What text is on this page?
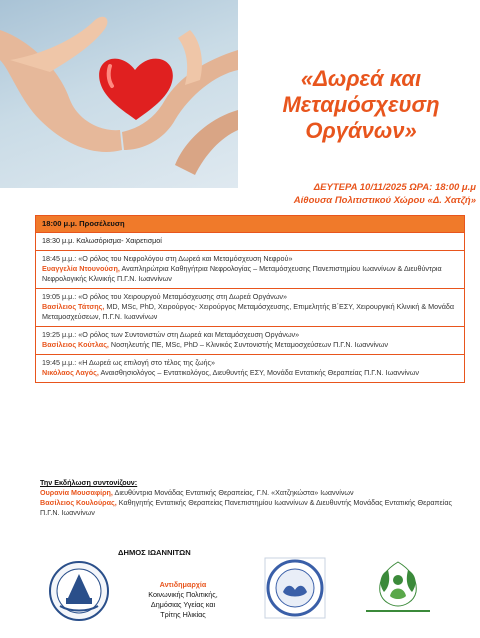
«Δωρεά και
Μεταμόσχευση
Οργάνων»
ΔΕΥΤΕΡΑ 10/11/2025 ΩΡΑ: 18:00 μ.μ
Αίθουσα Πολιτιστικού Χώρου «Δ. Χατζή»
18:00 μ.μ. Προσέλευση
18:30 μ.μ. Καλωσόρισμα- Χαιρετισμοί
18:45 μ.μ.: «Ο ρόλος του Νεφρολόγου στη Δωρεά και Μεταμόσχευση Νεφρού»
Ευαγγελία Ντουνούση, Αναπληρώτρια Καθηγήτρια Νεφρολογίας – Μεταμόσχευσης Πανεπιστημίου Ιωαννίνων & Διευθύντρια Νεφρολογικής Κλινικής Π.Γ.Ν. Ιωαννίνων
19:05 μ.μ.: «Ο ρόλος του Χειρουργού Μεταμόσχευσης στη Δωρεά Οργάνων»
Βασίλειος Τάτσης, MD, MSc, PhD, Χειρούργος- Χειρούργος Μεταμόσχευσης, Επιμελητής Β΄ΕΣΥ, Χειρουργική Κλινική & Μονάδα Μεταμοσχεύσεων, Π.Γ.Ν. Ιωαννίνων
19:25 μ.μ.: «Ο ρόλος των Συντονιστών στη Δωρεά και Μεταμόσχευση Οργάνων»
Βασίλειος Κούτλας, Νοσηλευτής ΠΕ, MSc, PhD – Κλινικός Συντονιστής Μεταμοσχεύσεων Π.Γ.Ν. Ιωαννίνων
19:45 μ.μ.: «Η Δωρεά ως επιλογή στο τέλος της ζωής»
Νικόλαος Λαγός, Αναισθησιολόγος – Εντατικολόγος, Διευθυντής ΕΣΥ, Μονάδα Εντατικής Θεραπείας Π.Γ.Ν. Ιωαννίνων
Την Εκδήλωση συντονίζουν:
Ουρανία Μουσαφίρη, Διευθύντρια Μονάδας Εντατικής Θεραπείας, Γ.Ν. «Χατζηκώστα» Ιωαννίνων
Βασίλειος Κουλούρας, Καθηγητής Εντατικής Θεραπείας Πανεπιστημίου Ιωαννίνων & Διευθυντής Μονάδας Εντατικής Θεραπείας Π.Γ.Ν. Ιωαννίνων
ΔΗΜΟΣ ΙΩΑΝΝΙΤΩΝ
Αντιδημαρχία
Κοινωνικής Πολιτικής,
Δημόσιας Υγείας και
Τρίτης Ηλικίας
